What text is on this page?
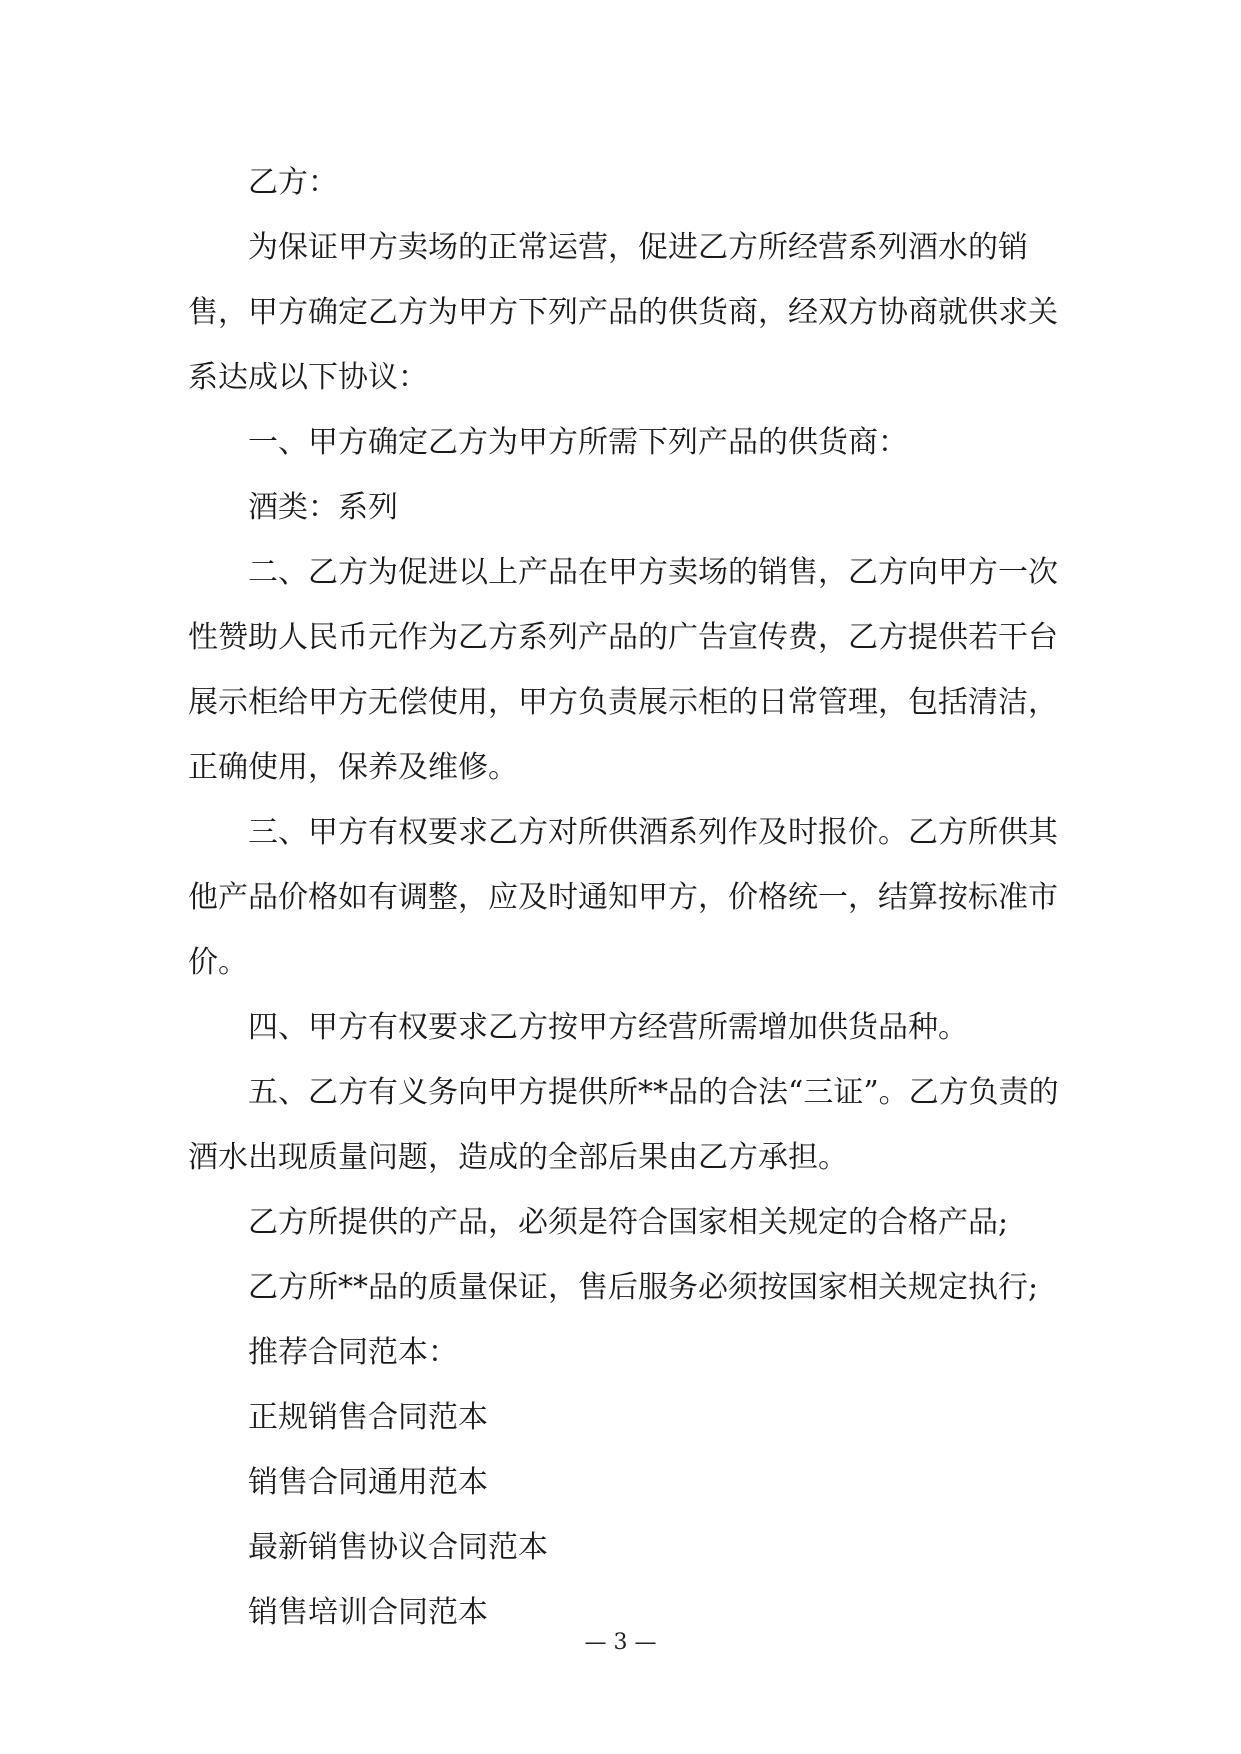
乙方：

为保证甲方卖场的正常运营，促进乙方所经营系列酒水的销售，甲方确定乙方为甲方下列产品的供货商，经双方协商就供求关系达成以下协议：

一、甲方确定乙方为甲方所需下列产品的供货商：

酒类：系列

二、乙方为促进以上产品在甲方卖场的销售，乙方向甲方一次性赞助人民币元作为乙方系列产品的广告宣传费，乙方提供若干台展示柜给甲方无偿使用，甲方负责展示柜的日常管理，包括清洁，正确使用，保养及维修。

三、甲方有权要求乙方对所供酒系列作及时报价。乙方所供其他产品价格如有调整，应及时通知甲方，价格统一，结算按标准市价。

四、甲方有权要求乙方按甲方经营所需增加供货品种。

五、乙方有义务向甲方提供所**品的合法“三证”。乙方负责的酒水出现质量问题，造成的全部后果由乙方承担。

乙方所提供的产品，必须是符合国家相关规定的合格产品;

乙方所**品的质量保证，售后服务必须按国家相关规定执行;

推荐合同范本：

正规销售合同范本

销售合同通用范本

最新销售协议合同范本

销售培训合同范本

— 3 —
